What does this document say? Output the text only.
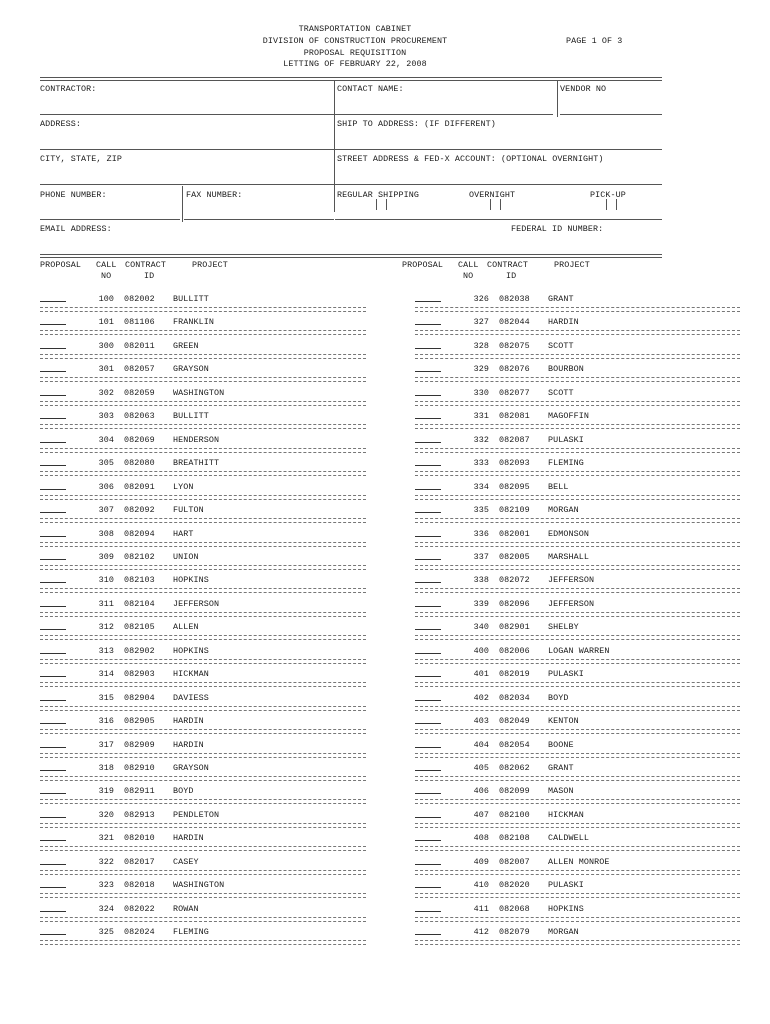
TRANSPORTATION CABINET
DIVISION OF CONSTRUCTION PROCUREMENT
PROPOSAL REQUISITION
LETTING OF FEBRUARY 22, 2008
PAGE 1 OF 3
CONTRACTOR:	CONTACT NAME:	VENDOR NO
ADDRESS:	SHIP TO ADDRESS: (IF DIFFERENT)
CITY, STATE, ZIP	STREET ADDRESS & FED-X ACCOUNT: (OPTIONAL OVERNIGHT)
PHONE NUMBER:	FAX NUMBER:	REGULAR SHIPPING	OVERNIGHT	PICK-UP
EMAIL ADDRESS:	FEDERAL ID NUMBER:
PROPOSAL CALL CONTRACT	PROJECT
NO	ID
PROPOSAL CALL CONTRACT	PROJECT
NO	ID
100 082002 BULLITT
101 081106 FRANKLIN
300 082011 GREEN
301 082057 GRAYSON
302 082059 WASHINGTON
303 082063 BULLITT
304 082069 HENDERSON
305 082080 BREATHITT
306 082091 LYON
307 082092 FULTON
308 082094 HART
309 082102 UNION
310 082103 HOPKINS
311 082104 JEFFERSON
312 082105 ALLEN
313 082902 HOPKINS
314 082903 HICKMAN
315 082904 DAVIESS
316 082905 HARDIN
317 082909 HARDIN
318 082910 GRAYSON
319 082911 BOYD
320 082913 PENDLETON
321 082010 HARDIN
322 082017 CASEY
323 082018 WASHINGTON
324 082022 ROWAN
325 082024 FLEMING
326 082038 GRANT
327 082044 HARDIN
328 082075 SCOTT
329 082076 BOURBON
330 082077 SCOTT
331 082081 MAGOFFIN
332 082087 PULASKI
333 082093 FLEMING
334 082095 BELL
335 082109 MORGAN
336 082001 EDMONSON
337 082005 MARSHALL
338 082072 JEFFERSON
339 082096 JEFFERSON
340 082901 SHELBY
400 082006 LOGAN WARREN
401 082019 PULASKI
402 082034 BOYD
403 082049 KENTON
404 082054 BOONE
405 082062 GRANT
406 082099 MASON
407 082100 HICKMAN
408 082108 CALDWELL
409 082007 ALLEN MONROE
410 082020 PULASKI
411 082068 HOPKINS
412 082079 MORGAN
